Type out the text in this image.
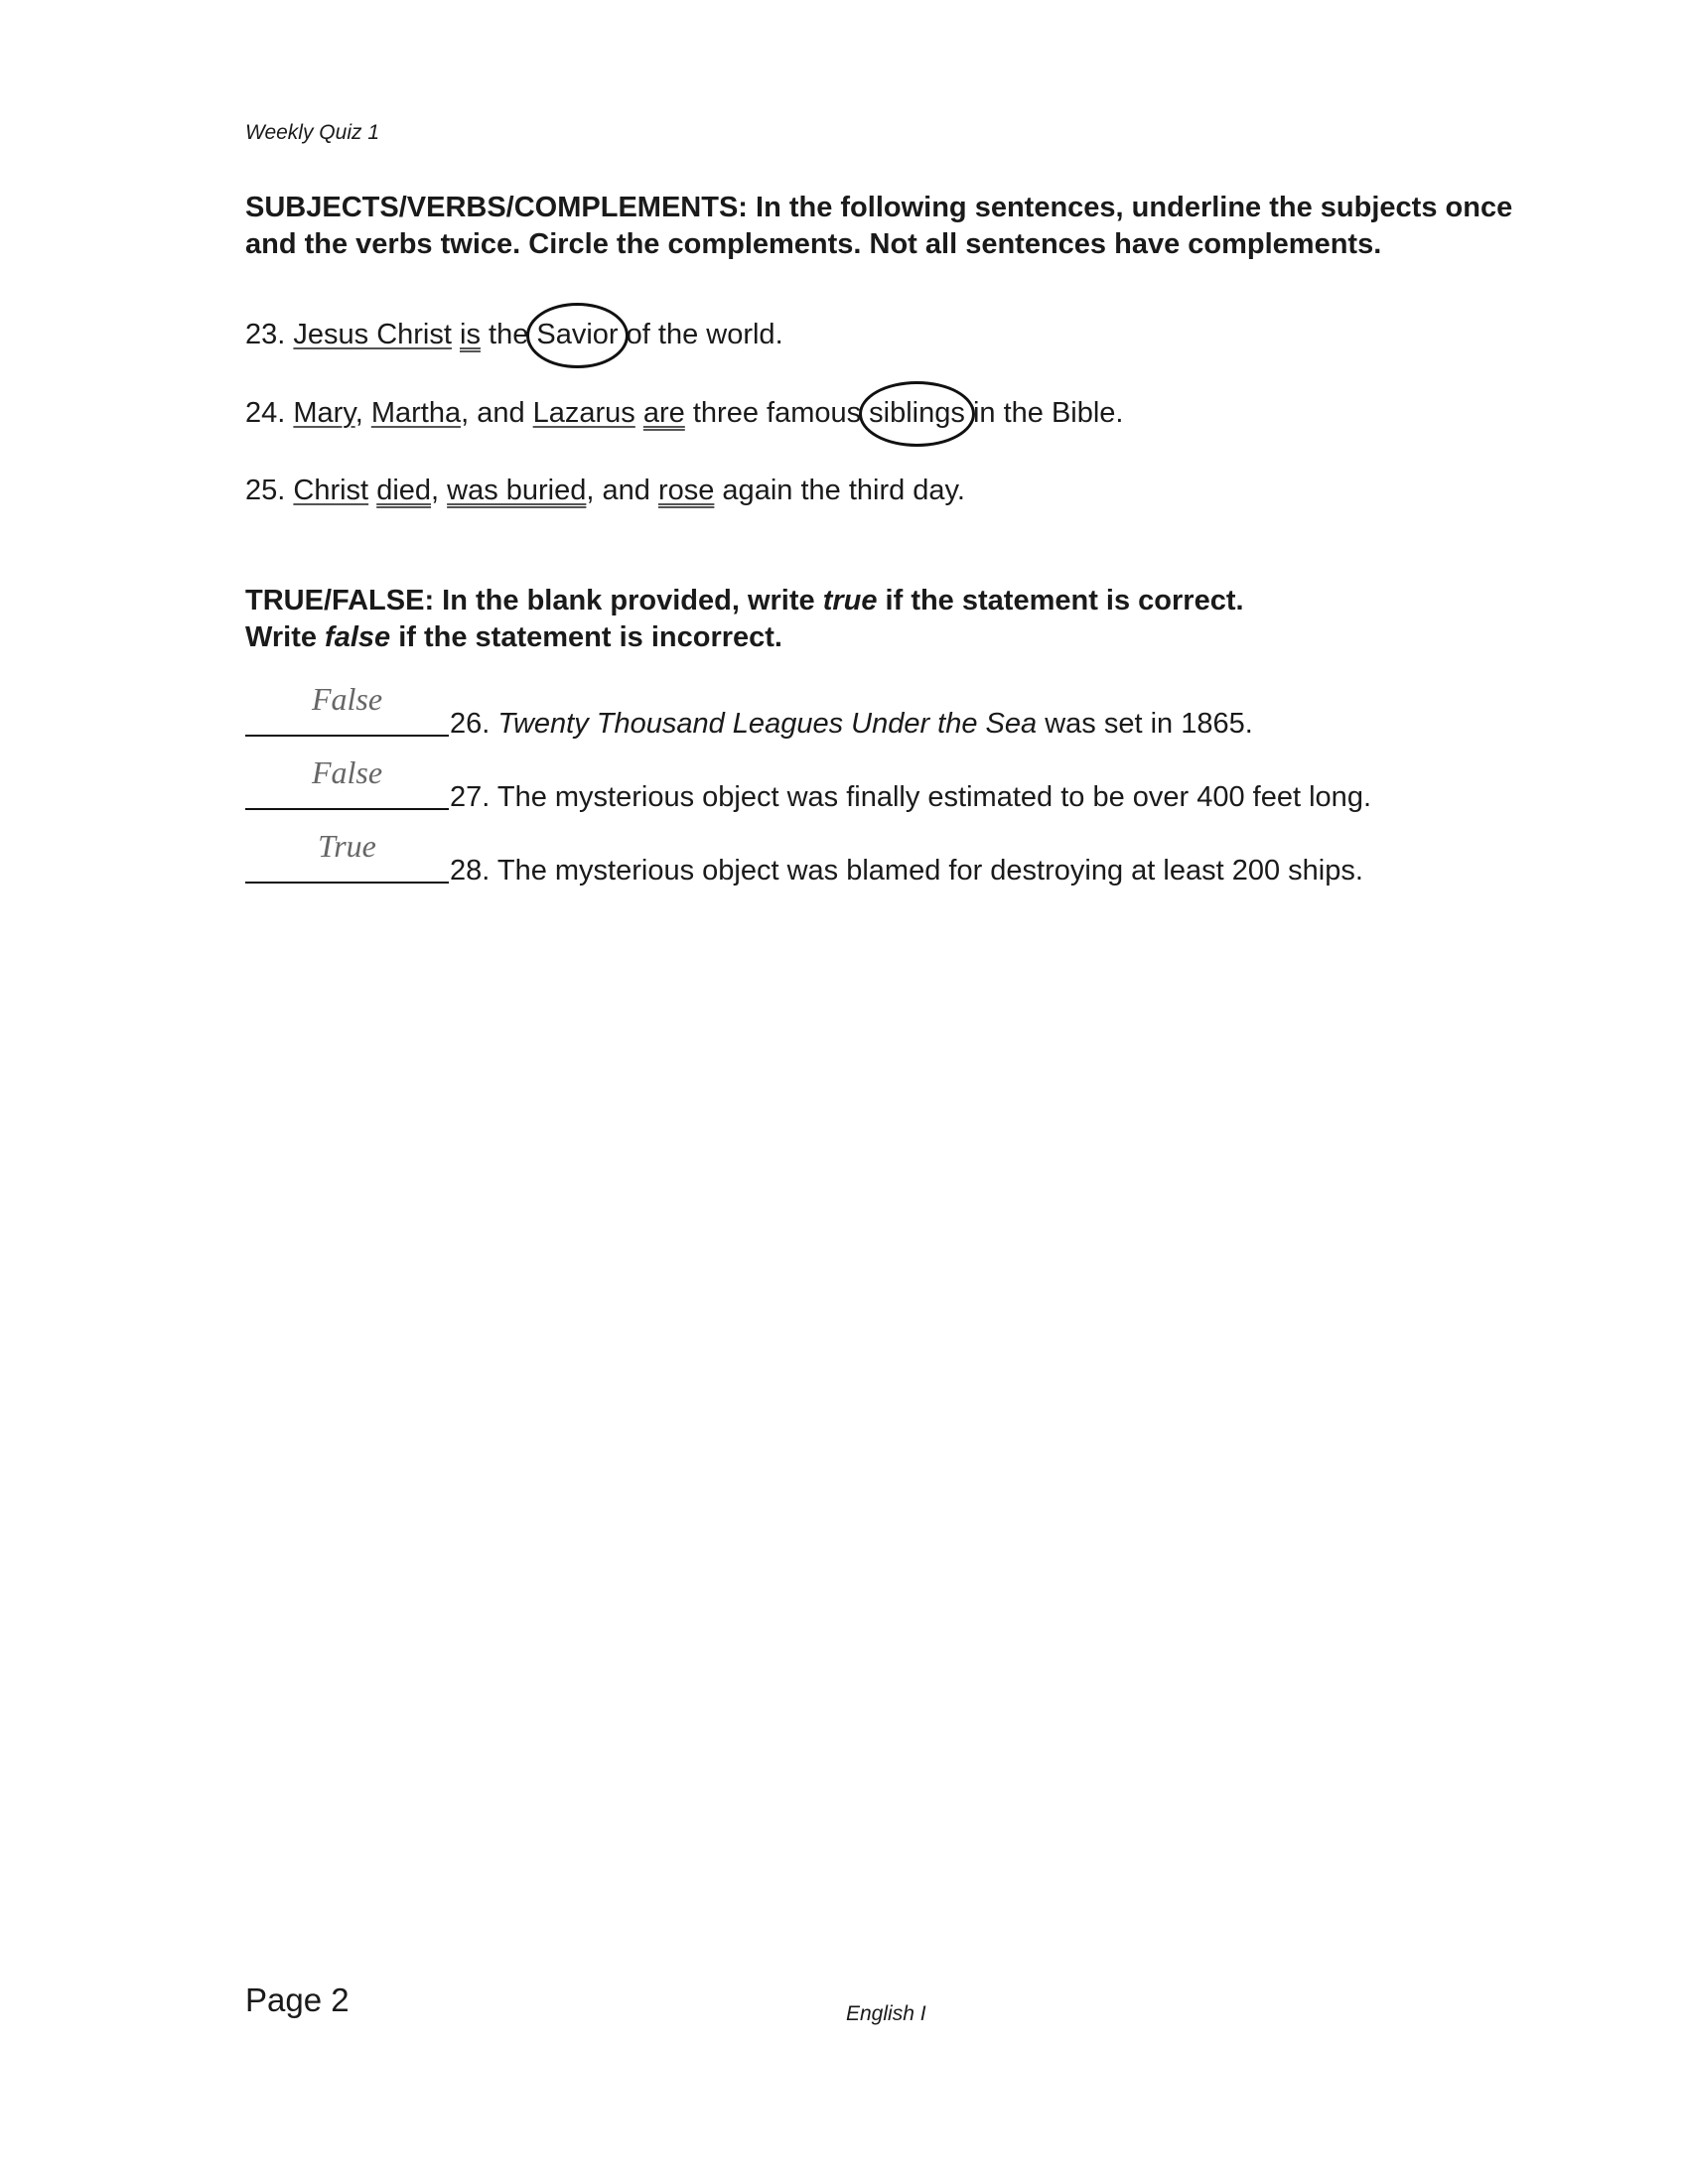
Weekly Quiz 1
SUBJECTS/VERBS/COMPLEMENTS: In the following sentences, underline the subjects once and the verbs twice. Circle the complements. Not all sentences have complements.
23. Jesus Christ is the Savior of the world.
24. Mary, Martha, and Lazarus are three famous siblings in the Bible.
25. Christ died, was buried, and rose again the third day.
TRUE/FALSE: In the blank provided, write true if the statement is correct.
Write false if the statement is incorrect.
False
26. Twenty Thousand Leagues Under the Sea was set in 1865.
False
27. The mysterious object was finally estimated to be over 400 feet long.
True
28. The mysterious object was blamed for destroying at least 200 ships.
Page 2	English I
